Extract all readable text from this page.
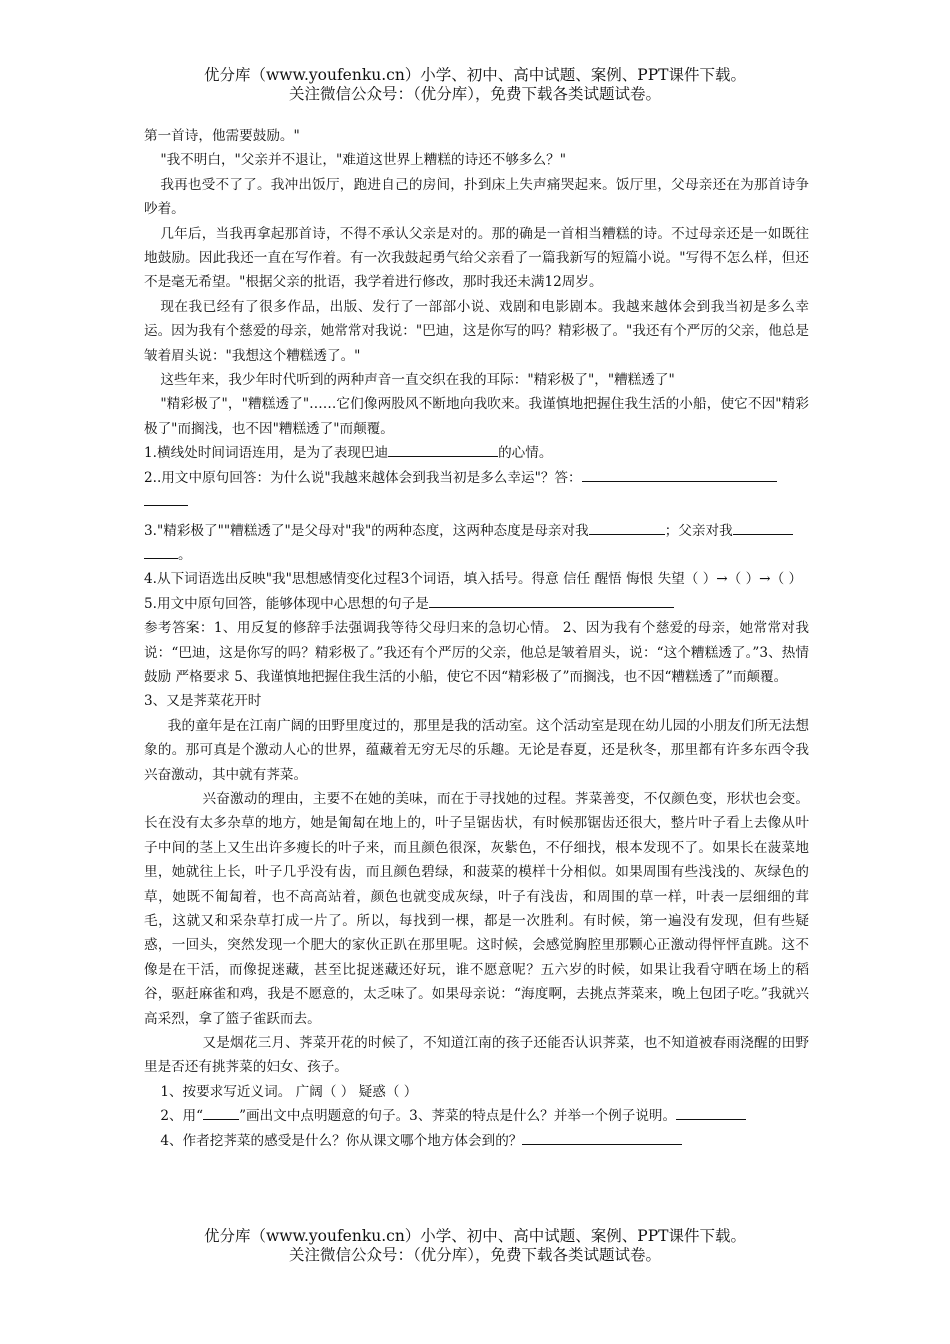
优分库（www.youfenku.cn）小学、初中、高中试题、案例、PPT课件下载。
关注微信公众号：（优分库），免费下载各类试题试卷。

第一首诗，他需要鼓励。"

"我不明白，"父亲并不退让，"难道这世界上糟糕的诗还不够多么？"

我再也受不了了。我冲出饭厅，跑进自己的房间，扑到床上失声痛哭起来。饭厅里，父母亲还在为那首诗争吵着。

几年后，当我再拿起那首诗，不得不承认父亲是对的。那的确是一首相当糟糕的诗。不过母亲还是一如既往地鼓励。因此我还一直在写作着。有一次我鼓起勇气给父亲看了一篇我新写的短篇小说。"写得不怎么样，但还不是毫无希望。"根据父亲的批语，我学着进行修改，那时我还未满12周岁。

现在我已经有了很多作品，出版、发行了一部部小说、戏剧和电影剧本。我越来越体会到我当初是多么幸运。因为我有个慈爱的母亲，她常常对我说："巴迪，这是你写的吗？精彩极了。"我还有个严厉的父亲，他总是皱着眉头说："我想这个糟糕透了。"

这些年来，我少年时代听到的两种声音一直交织在我的耳际："精彩极了"，"糟糕透了"

"精彩极了"，"糟糕透了"……它们像两股风不断地向我吹来。我谨慎地把握住我生活的小船，使它不因"精彩极了"而搁浅，也不因"糟糕透了"而颠覆。

1.横线处时间词语连用，是为了表现巴迪	的心情。

2..用文中原句回答：为什么说"我越来越体会到我当初是多么幸运"？答：

3."精彩极了""糟糕透了"是父母对"我"的两种态度，这两种态度是母亲对我	；父亲对我
。

4.从下词语选出反映"我"思想感情变化过程3个词语，填入括号。得意 信任 醒悟 悔恨 失望（ ）→（ ）→（ ）

5.用文中原句回答，能够体现中心思想的句子是

参考答案：1、用反复的修辞手法强调我等待父母归来的急切心情。 2、因为我有个慈爱的母亲，她常常对我说：“巴迪，这是你写的吗？精彩极了。”我还有个严厉的父亲，他总是皱着眉头，说：“这个糟糕透了。”3、热情鼓励 严格要求 5、我谨慎地把握住我生活的小船，使它不因“精彩极了”而搁浅，也不因“糟糕透了”而颠覆。

3、又是荠菜花开时

我的童年是在江南广阔的田野里度过的，那里是我的活动室。这个活动室是现在幼儿园的小朋友们所无法想象的。那可真是个激动人心的世界，蕴藏着无穷无尽的乐趣。无论是春夏，还是秋冬，那里都有许多东西令我兴奋激动，其中就有荠菜。

兴奋激动的理由，主要不在她的美味，而在于寻找她的过程。荠菜善变，不仅颜色变，形状也会变。长在没有太多杂草的地方，她是匍匐在地上的，叶子呈锯齿状，有时候那锯齿还很大，整片叶子看上去像从叶子中间的茎上又生出许多瘦长的叶子来，而且颜色很深，灰紫色，不仔细找，根本发现不了。如果长在菠菜地里，她就往上长，叶子几乎没有齿，而且颜色碧绿，和菠菜的模样十分相似。如果周围有些浅浅的、灰绿色的草，她既不匍匐着，也不高高站着，颜色也就变成灰绿，叶子有浅齿，和周围的草一样，叶表一层细细的茸毛，这就又和采杂草打成一片了。所以，每找到一棵，都是一次胜利。有时候，第一遍没有发现，但有些疑惑，一回头，突然发现一个肥大的家伙正趴在那里呢。这时候，会感觉胸腔里那颗心正激动得怦怦直跳。这不像是在干活，而像捉迷藏，甚至比捉迷藏还好玩，谁不愿意呢？五六岁的时候，如果让我看守晒在场上的稻谷，驱赶麻雀和鸡，我是不愿意的，太乏味了。如果母亲说：“海度啊，去挑点荠菜来，晚上包团子吃。”我就兴高采烈，拿了篮子雀跃而去。

又是烟花三月、荠菜开花的时候了，不知道江南的孩子还能否认识荠菜，也不知道被春雨浇醒的田野里是否还有挑荠菜的妇女、孩子。

1、按要求写近义词。 广阔（ ） 疑惑（ ）

2、用“	”画出文中点明题意的句子。3、荠菜的特点是什么？并举一个例子说明。

4、作者挖荠菜的感受是什么？你从课文哪个地方体会到的？

优分库（www.youfenku.cn）小学、初中、高中试题、案例、PPT课件下载。
关注微信公众号：（优分库），免费下载各类试题试卷。
